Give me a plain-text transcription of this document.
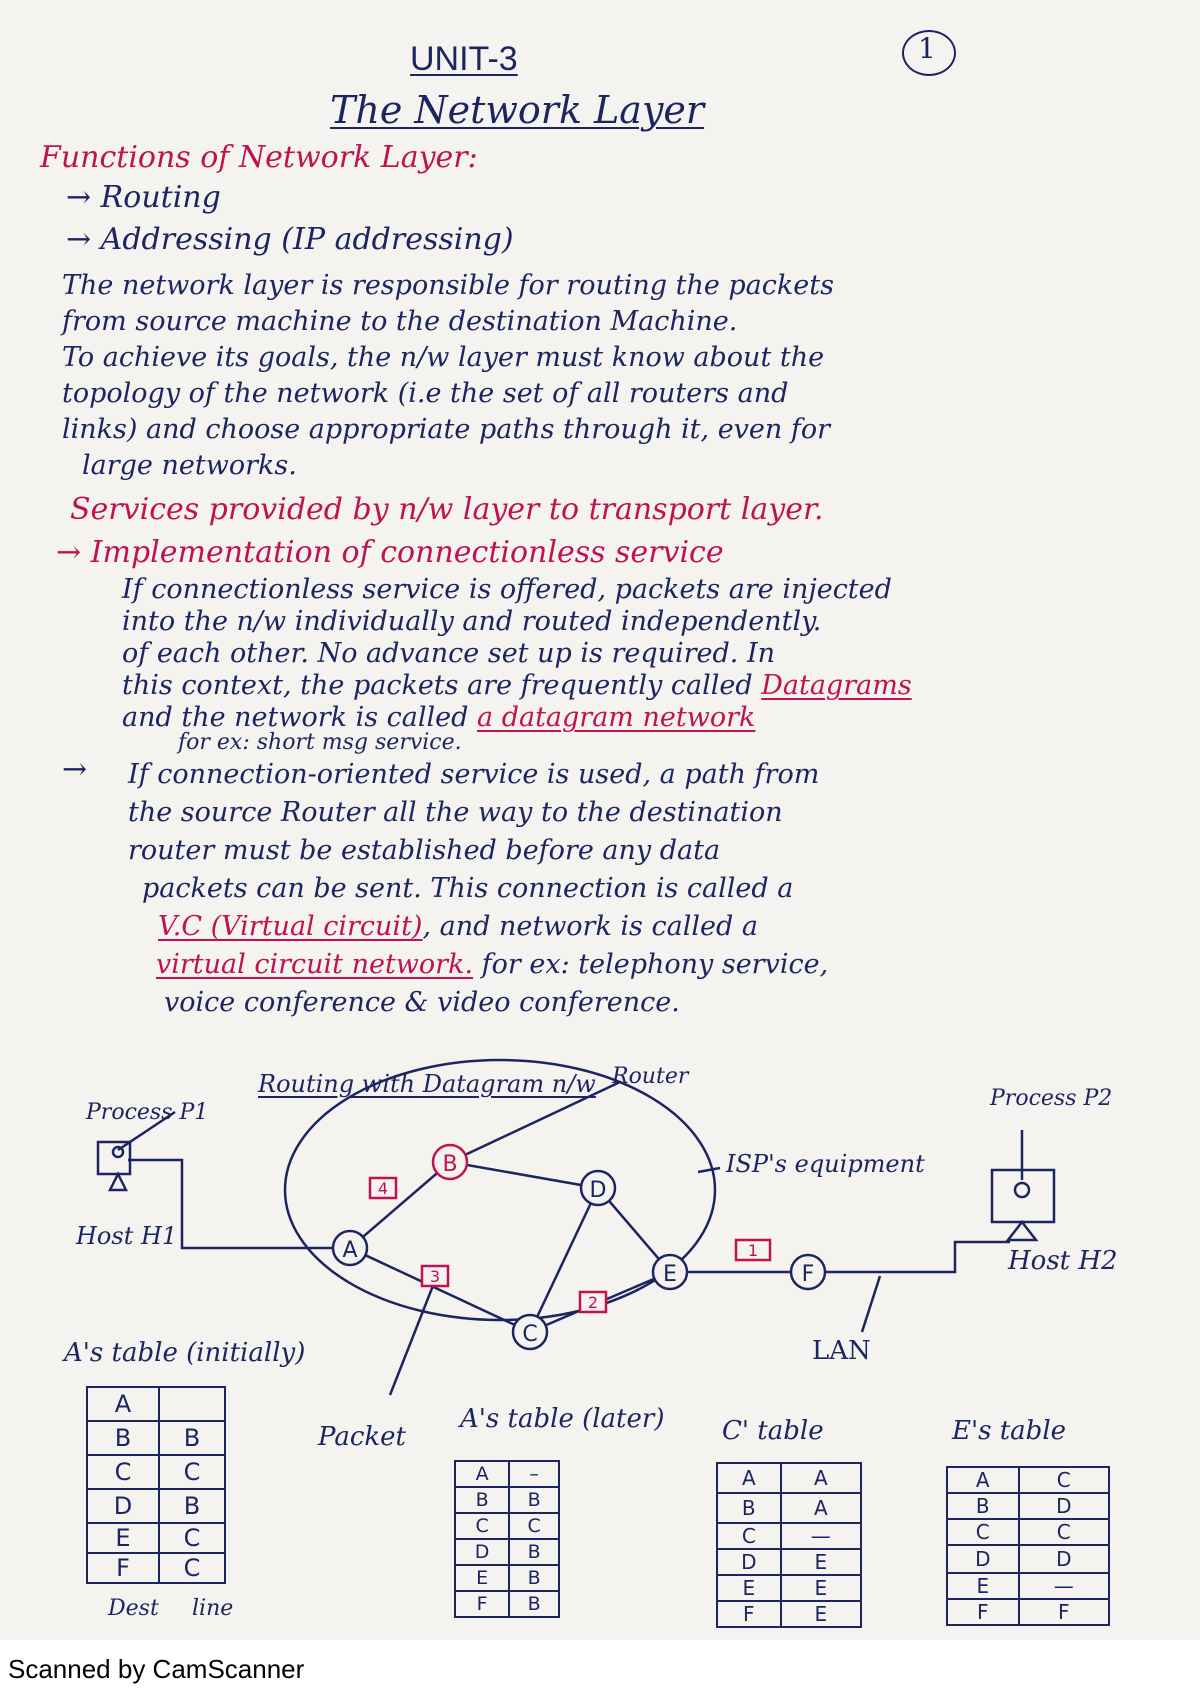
1
UNIT-3
The Network Layer
Functions of Network Layer:
→ Routing
→ Addressing (IP addressing)

The network layer is responsible for routing the packets

from source machine to the destination Machine.

To achieve its goals, the n/w layer must know about the

topology of the network (i.e the set of all routers and

links) and choose appropriate paths through it, even for

large networks.

Services provided by n/w layer to transport layer.
→ Implementation of connectionless service

If connectionless service is offered, packets are injected

into the n/w individually and routed independently.

of each other. No advance set up is required. In

this context, the packets are frequently called Datagrams

and the network is called a datagram network

for ex: short msg service.
→ If connection-oriented service is used, a path from

the source Router all the way to the destination

router must be established before any data

packets can be sent. This connection is called a

V.C (Virtual circuit), and network is called a

virtual circuit network. for ex: telephony service,

voice conference & video conference.

Routing with Datagram n/w
A
B
C
D
E	F
4
3
2
1
Process P1
Process P2
Router
ISP's equipment
Host H1
Host H2
LAN
Packet
A's table (initially)
A	
B	B
C	C
D	B
E	C
F	C
Dest line
A's table (later)
A	–
B	B
C	C
D	B
E	B
F	B
C' table
A	A
B	A
C	—
D	E
E	E
F	E
E's table
A	C
B	D
C	C
D	D
E	—
F	F
Scanned by CamScanner
